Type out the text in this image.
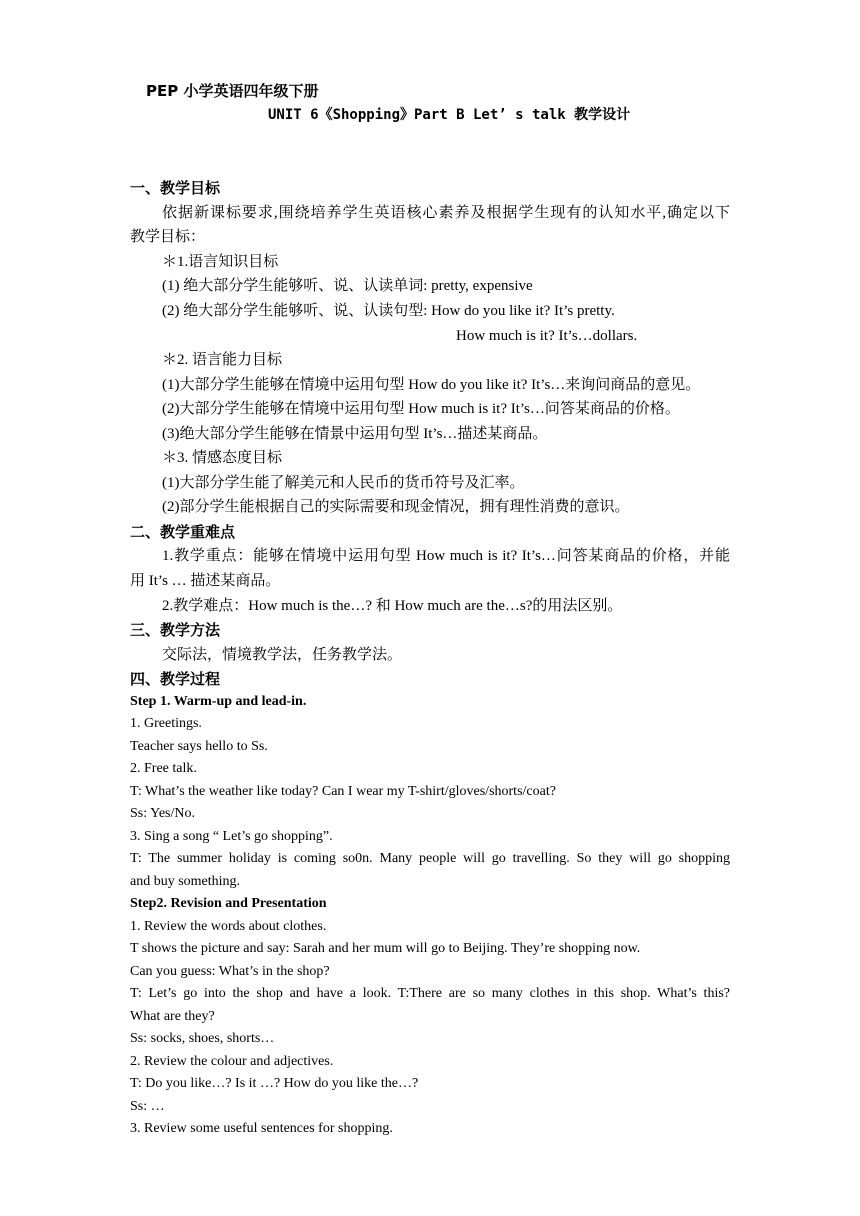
PEP 小学英语四年级下册
UNIT 6《Shopping》Part B Let’ s talk 教学设计
一、教学目标
依据新课标要求,围绕培养学生英语核心素养及根据学生现有的认知水平,确定以下
教学目标：
＊1.语言知识目标
(1) 绝大部分学生能够听、说、认读单词: pretty, expensive
(2) 绝大部分学生能够听、说、认读句型: How do you like it? It’s pretty.
How much is it? It’s…dollars.
＊2. 语言能力目标
(1)大部分学生能够在情境中运用句型 How do you like it? It’s…来询问商品的意见。
(2)大部分学生能够在情境中运用句型 How much is it? It’s…问答某商品的价格。
(3)绝大部分学生能够在情景中运用句型 It’s…描述某商品。
＊3. 情感态度目标
(1)大部分学生能了解美元和人民币的货币符号及汇率。
(2)部分学生能根据自己的实际需要和现金情况，拥有理性消费的意识。
二、教学重难点
1.教学重点：能够在情境中运用句型 How much is it? It’s…问答某商品的价格，并能
用 It’s … 描述某商品。
2.教学难点：How much is the…? 和 How much are the…s?的用法区别。
三、教学方法
交际法，情境教学法，任务教学法。
四、教学过程
Step 1. Warm-up and lead-in.
1. Greetings.
Teacher says hello to Ss.
2. Free talk.
T: What’s the weather like today? Can I wear my T-shirt/gloves/shorts/coat?
Ss: Yes/No.
3. Sing a song “ Let’s go shopping”.
T: The summer holiday is coming so0n. Many people will go travelling. So they will go shopping
and buy something.
Step2. Revision and Presentation
1. Review the words about clothes.
T shows the picture and say: Sarah and her mum will go to Beijing. They’re shopping now.
Can you guess: What’s in the shop?
T: Let’s go into the shop and have a look. T:There are so many clothes in this shop. What’s this?
What are they?
Ss: socks, shoes, shorts…
2. Review the colour and adjectives.
T: Do you like…? Is it …? How do you like the…?
Ss: …
3. Review some useful sentences for shopping.
